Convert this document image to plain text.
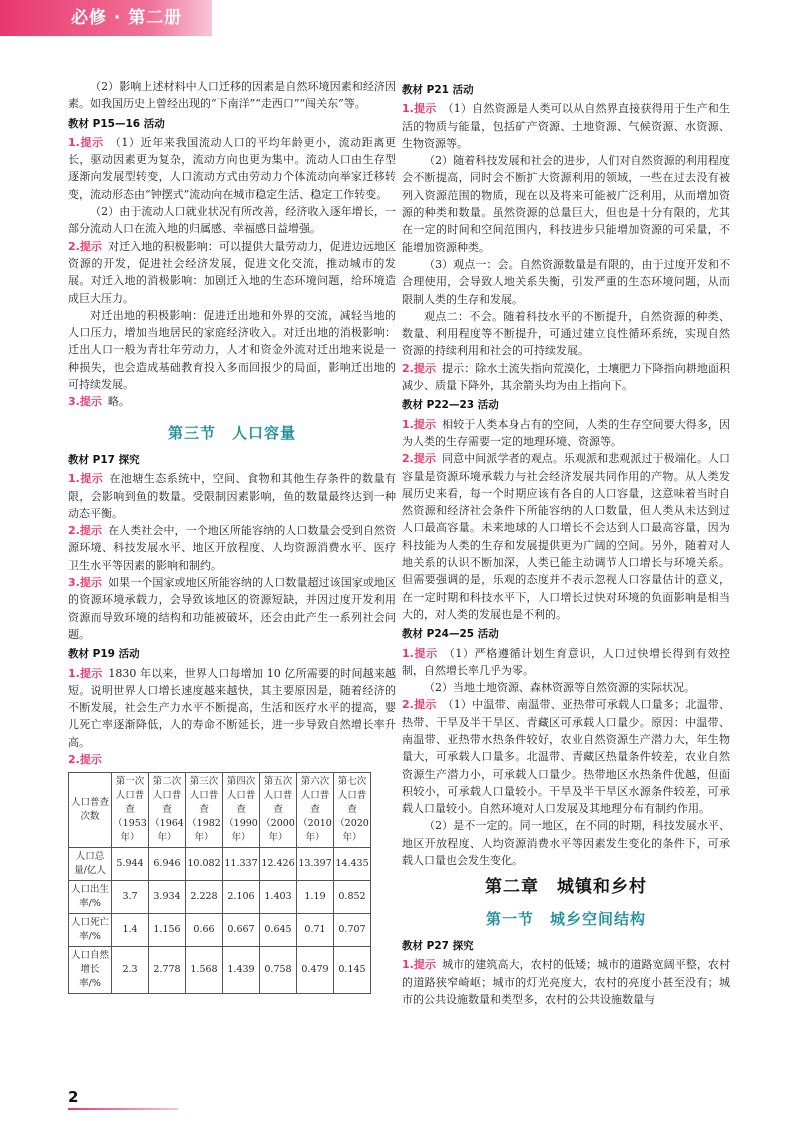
必修 · 第二册

（2）影响上述材料中人口迁移的因素是自然环境因素和经济因素。如我国历史上曾经出现的“下南洋”“走西口”“闯关东”等。

教材 P15—16 活动

1.提示 （1）近年来我国流动人口的平均年龄更小，流动距离更长，驱动因素更为复杂，流动方向也更为集中。流动人口由生存型逐渐向发展型转变，人口流动方式由劳动力个体流动向举家迁移转变，流动形态由“钟摆式”流动向在城市稳定生活、稳定工作转变。

（2）由于流动人口就业状况有所改善，经济收入逐年增长，一部分流动人口在流入地的归属感、幸福感日益增强。

2.提示 对迁入地的积极影响：可以提供大量劳动力，促进边远地区资源的开发，促进社会经济发展，促进文化交流，推动城市的发展。对迁入地的消极影响：加剧迁入地的生态环境问题，给环境造成巨大压力。

对迁出地的积极影响：促进迁出地和外界的交流，减轻当地的人口压力，增加当地居民的家庭经济收入。对迁出地的消极影响：迁出人口一般为青壮年劳动力，人才和资金外流对迁出地来说是一种损失，也会造成基础教育投入多而回报少的局面，影响迁出地的可持续发展。

3.提示 略。

第三节　人口容量
教材 P17 探究

1.提示 在池塘生态系统中，空间、食物和其他生存条件的数量有限，会影响到鱼的数量。受限制因素影响，鱼的数量最终达到一种动态平衡。

2.提示 在人类社会中，一个地区所能容纳的人口数量会受到自然资源环境、科技发展水平、地区开放程度、人均资源消费水平、医疗卫生水平等因素的影响和制约。

3.提示 如果一个国家或地区所能容纳的人口数量超过该国家或地区的资源环境承载力，会导致该地区的资源短缺，并因过度开发利用资源而导致环境的结构和功能被破坏，还会由此产生一系列社会问题。

教材 P19 活动

1.提示 1830 年以来，世界人口每增加 10 亿所需要的时间越来越短。说明世界人口增长速度越来越快，其主要原因是，随着经济的不断发展，社会生产力水平不断提高，生活和医疗水平的提高，婴儿死亡率逐渐降低，人的寿命不断延长，进一步导致自然增长率升高。

2.提示

人口普查次数	第一次人口普查（1953年）	第二次人口普查（1964年）	第三次人口普查（1982年）	第四次人口普查（1990年）	第五次人口普查（2000年）	第六次人口普查（2010年）	第七次人口普查（2020年）
人口总量/亿人	5.944	6.946	10.082	11.337	12.426	13.397	14.435
人口出生率/%	3.7	3.934	2.228	2.106	1.403	1.19	0.852
人口死亡率/%	1.4	1.156	0.66	0.667	0.645	0.71	0.707
人口自然增长率/%	2.3	2.778	1.568	1.439	0.758	0.479	0.145
教材 P21 活动

1.提示 （1）自然资源是人类可以从自然界直接获得用于生产和生活的物质与能量，包括矿产资源、土地资源、气候资源、水资源、生物资源等。

（2）随着科技发展和社会的进步，人们对自然资源的利用程度会不断提高，同时会不断扩大资源利用的领域，一些在过去没有被列入资源范围的物质，现在以及将来可能被广泛利用，从而增加资源的种类和数量。虽然资源的总量巨大，但也是十分有限的，尤其在一定的时间和空间范围内，科技进步只能增加资源的可采量，不能增加资源种类。

（3）观点一：会。自然资源数量是有限的，由于过度开发和不合理使用，会导致人地关系失衡，引发严重的生态环境问题，从而限制人类的生存和发展。

观点二：不会。随着科技水平的不断提升，自然资源的种类、数量、利用程度等不断提升，可通过建立良性循环系统，实现自然资源的持续利用和社会的可持续发展。

2.提示 提示：除水土流失指向荒漠化，土壤肥力下降指向耕地面积减少、质量下降外，其余箭头均为由上指向下。

教材 P22—23 活动

1.提示 相较于人类本身占有的空间，人类的生存空间要大得多，因为人类的生存需要一定的地理环境、资源等。

2.提示 同意中间派学者的观点。乐观派和悲观派过于极端化。人口容量是资源环境承载力与社会经济发展共同作用的产物。从人类发展历史来看，每一个时期应该有各自的人口容量，这意味着当时自然资源和经济社会条件下所能容纳的人口数量，但人类从未达到过人口最高容量。未来地球的人口增长不会达到人口最高容量，因为科技能为人类的生存和发展提供更为广阔的空间。另外，随着对人地关系的认识不断加深，人类已能主动调节人口增长与环境关系。但需要强调的是，乐观的态度并不表示忽视人口容量估计的意义，在一定时期和科技水平下，人口增长过快对环境的负面影响是相当大的，对人类的发展也是不利的。

教材 P24—25 活动

1.提示 （1）严格遵循计划生育意识，人口过快增长得到有效控制，自然增长率几乎为零。

（2）当地土地资源、森林资源等自然资源的实际状况。

2.提示 （1）中温带、南温带、亚热带可承载人口量多；北温带、热带、干旱及半干旱区、青藏区可承载人口量少。原因：中温带、南温带、亚热带水热条件较好，农业自然资源生产潜力大，年生物量大，可承载人口量多。北温带、青藏区热量条件较差，农业自然资源生产潜力小，可承载人口量少。热带地区水热条件优越，但面积较小，可承载人口量较小。干旱及半干旱区水源条件较差，可承载人口量较小。自然环境对人口发展及其地理分布有制约作用。

（2）是不一定的。同一地区，在不同的时期，科技发展水平、地区开放程度、人均资源消费水平等因素发生变化的条件下，可承载人口量也会发生变化。

第二章　城镇和乡村
第一节　城乡空间结构
教材 P27 探究

1.提示 城市的建筑高大，农村的低矮；城市的道路宽阔平整，农村的道路狭窄崎岖；城市的灯光亮度大，农村的亮度小甚至没有；城市的公共设施数量和类型多，农村的公共设施数量与

2
